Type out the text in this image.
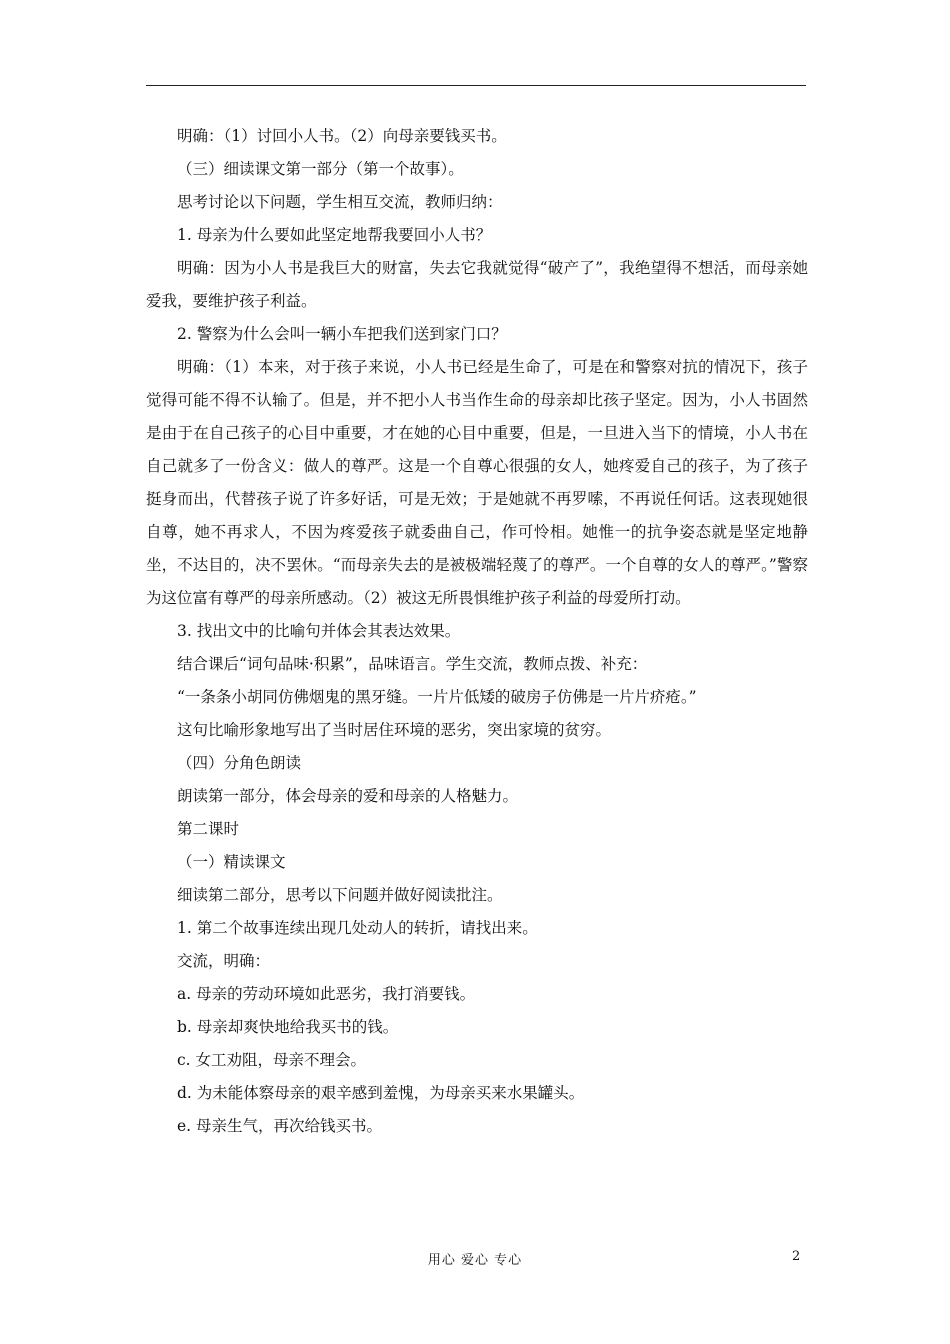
明确：（1）讨回小人书。（2）向母亲要钱买书。

（三）细读课文第一部分（第一个故事）。

思考讨论以下问题，学生相互交流，教师归纳：

1. 母亲为什么要如此坚定地帮我要回小人书？

明确：因为小人书是我巨大的财富，失去它我就觉得“破产了”，我绝望得不想活，而母亲她爱我，要维护孩子利益。

2. 警察为什么会叫一辆小车把我们送到家门口？

明确：（1）本来，对于孩子来说，小人书已经是生命了，可是在和警察对抗的情况下，孩子觉得可能不得不认输了。但是，并不把小人书当作生命的母亲却比孩子坚定。因为，小人书固然是由于在自己孩子的心目中重要，才在她的心目中重要，但是，一旦进入当下的情境，小人书在自己就多了一份含义：做人的尊严。这是一个自尊心很强的女人，她疼爱自己的孩子，为了孩子挺身而出，代替孩子说了许多好话，可是无效；于是她就不再罗嗦，不再说任何话。这表现她很自尊，她不再求人，不因为疼爱孩子就委曲自己，作可怜相。她惟一的抗争姿态就是坚定地静坐，不达目的，决不罢休。“而母亲失去的是被极端轻蔑了的尊严。一个自尊的女人的尊严。”警察为这位富有尊严的母亲所感动。（2）被这无所畏惧维护孩子利益的母爱所打动。

3. 找出文中的比喻句并体会其表达效果。

结合课后“词句品味·积累”，品味语言。学生交流，教师点拨、补充：

“一条条小胡同仿佛烟鬼的黑牙缝。一片片低矮的破房子仿佛是一片片疥疮。”

这句比喻形象地写出了当时居住环境的恶劣，突出家境的贫穷。

（四）分角色朗读

朗读第一部分，体会母亲的爱和母亲的人格魅力。

第二课时

（一）精读课文

细读第二部分，思考以下问题并做好阅读批注。

1. 第二个故事连续出现几处动人的转折，请找出来。

交流，明确：

a. 母亲的劳动环境如此恶劣，我打消要钱。

b. 母亲却爽快地给我买书的钱。

c. 女工劝阻，母亲不理会。

d. 为未能体察母亲的艰辛感到羞愧，为母亲买来水果罐头。

e. 母亲生气，再次给钱买书。

用心 爱心 专心	2
